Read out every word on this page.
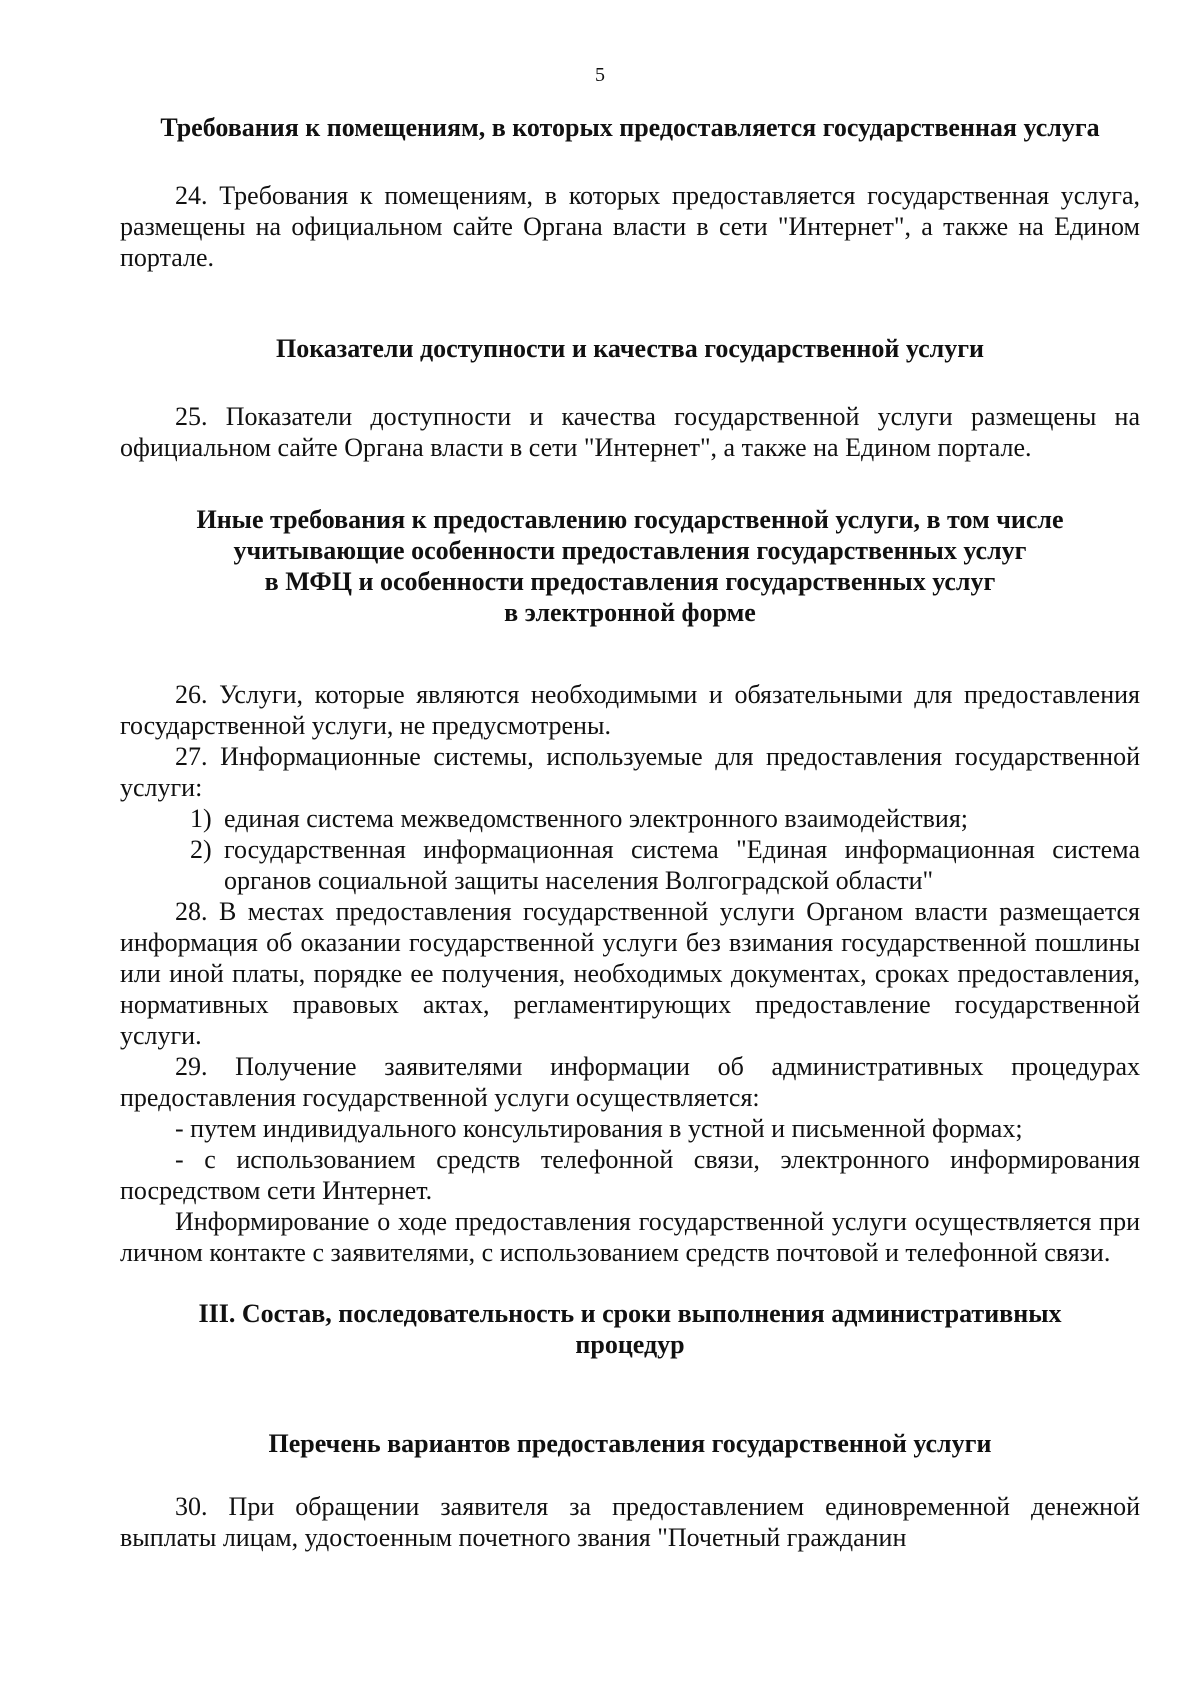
5
Требования к помещениям, в которых предоставляется государственная услуга

24. Требования к помещениям, в которых предоставляется государственная услуга, размещены на официальном сайте Органа власти в сети "Интернет", а также на Едином портале.

Показатели доступности и качества государственной услуги

25. Показатели доступности и качества государственной услуги размещены на официальном сайте Органа власти в сети "Интернет", а также на Едином портале.

Иные требования к предоставлению государственной услуги, в том числе
учитывающие особенности предоставления государственных услуг
в МФЦ и особенности предоставления государственных услуг
в электронной форме

26. Услуги, которые являются необходимыми и обязательными для предоставления государственной услуги, не предусмотрены.

27. Информационные системы, используемые для предоставления государственной услуги:

1) единая система межведомственного электронного взаимодействия;
2) государственная информационная система "Единая информационная система органов социальной защиты населения Волгоградской области"

28. В местах предоставления государственной услуги Органом власти размещается информация об оказании государственной услуги без взимания государственной пошлины или иной платы, порядке ее получения, необходимых документах, сроках предоставления, нормативных правовых актах, регламентирующих предоставление государственной услуги.

29. Получение заявителями информации об административных процедурах предоставления государственной услуги осуществляется:

- путем индивидуального консультирования в устной и письменной формах;

- с использованием средств телефонной связи, электронного информирования посредством сети Интернет.

Информирование о ходе предоставления государственной услуги осуществляется при личном контакте с заявителями, с использованием средств почтовой и телефонной связи.

III. Состав, последовательность и сроки выполнения административных
процедур
Перечень вариантов предоставления государственной услуги

30. При обращении заявителя за предоставлением единовременной денежной выплаты лицам, удостоенным почетного звания "Почетный гражданин
